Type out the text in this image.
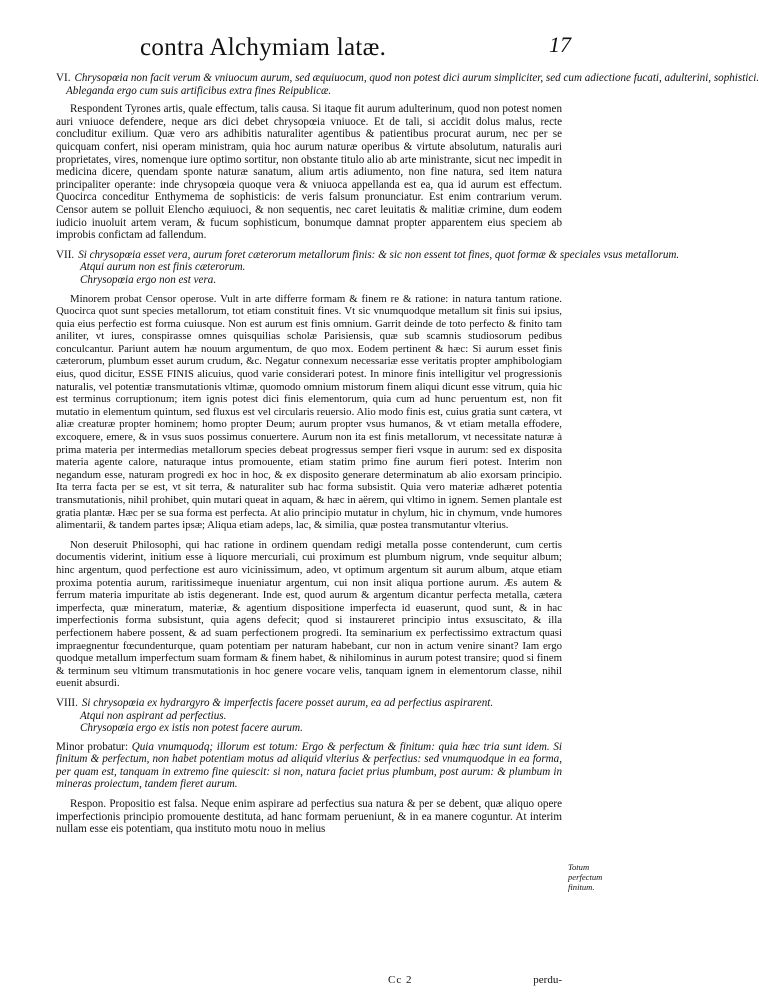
contra Alchymiam latæ.	17
VI. Chrysopœia non facit verum & vniuocum aurum, sed æquiuocum, quod non potest dici aurum simpliciter, sed cum adiectione fucati, adulterini, sophistici.
Ableganda ergo cum suis artificibus extra fines Reipublicæ.

Respondent Tyrones artis, quale effectum, talis causa. Si itaque fit aurum adulterinum, quod non potest nomen auri vniuoce defendere, neque ars dici debet chrysopœia vniuoce. Et de tali, si accidit dolus malus, recte concluditur exilium. Quæ vero ars adhibitis naturaliter agentibus & patientibus procurat aurum, nec per se quicquam confert, nisi operam ministram, quia hoc aurum naturæ operibus & virtute absolutum, naturalis auri proprietates, vires, nomenque iure optimo sortitur, non obstante titulo alio ab arte ministrante, sicut nec impedit in medicina dicere, quendam sponte naturæ sanatum, alium artis adiumento, non fine natura, sed item natura principaliter operante: inde chrysopœia quoque vera & vniuoca appellanda est ea, qua id aurum est effectum. Quocirca conceditur Enthymema de sophisticis: de veris falsum pronunciatur. Est enim contrarium verum. Censor autem se polluit Elencho æquiuoci, & non sequentis, nec caret leuitatis & malitiæ crimine, dum eodem iudicio inuoluit artem veram, & fucum sophisticum, bonumque damnat propter apparentem eius speciem ab improbis confictam ad fallendum.

VII. Si chrysopœia esset vera, aurum foret cæterorum metallorum finis: & sic non essent tot fines, quot formæ & speciales vsus metallorum.
Atqui aurum non est finis cæterorum.
Chrysopœia ergo non est vera.

Minorem probat Censor operose. Vult in arte differre formam & finem re & ratione: in natura tantum ratione. Quocirca quot sunt species metallorum, tot etiam constituit fines. Vt sic vnumquodque metallum sit finis sui ipsius, quia eius perfectio est forma cuiusque. Non est aurum est finis omnium. Garrit deinde de toto perfecto & finito tam aniliter, vt iures, conspirasse omnes quisquilias scholæ Parisiensis, quæ sub scamnis studiosorum pedibus conculcantur. Pariunt autem hæ nouum argumentum, de quo mox. Eodem pertinent & hæc: Si aurum esset finis cæterorum, plumbum esset aurum crudum, &c. Negatur connexum necessariæ esse veritatis propter amphibologiam eius, quod dicitur, ESSE FINIS alicuius, quod varie considerari potest. In minore finis intelligitur vel progressionis naturalis, vel potentiæ transmutationis vltimæ, quomodo omnium mistorum finem aliqui dicunt esse vitrum, quia hic est terminus corruptionum; item ignis potest dici finis elementorum, quia cum ad hunc peruentum est, non fit mutatio in elementum quintum, sed fluxus est vel circularis reuersio. Alio modo finis est, cuius gratia sunt cætera, vt aliæ creaturæ propter hominem; homo propter Deum; aurum propter vsus humanos, & vt etiam metalla effodere, excoquere, emere, & in vsus suos possimus conuertere. Aurum non ita est finis metallorum, vt necessitate naturæ à prima materia per intermedias metallorum species debeat progressus semper fieri vsque in aurum: sed ex disposita materia agente calore, naturaque intus promouente, etiam statim primo fine aurum fieri potest. Interim non negandum esse, naturam progredi ex hoc in hoc, & ex disposito generare determinatum ab alio exorsam principio. Ita terra facta per se est, vt sit terra, & naturaliter sub hac forma subsistit. Quia vero materiæ adhæret potentia transmutationis, nihil prohibet, quin mutari queat in aquam, & hæc in aërem, qui vltimo in ignem. Semen plantale est gratia plantæ. Hæc per se sua forma est perfecta. At alio principio mutatur in chylum, hic in chymum, vnde humores alimentarii, & tandem partes ipsæ; Aliqua etiam adeps, lac, & similia, quæ postea transmutantur vlterius.

Non deseruit Philosophi, qui hac ratione in ordinem quendam redigi metalla posse contenderunt, cum certis documentis viderint, initium esse à liquore mercuriali, cui proximum est plumbum nigrum, vnde sequitur album; hinc argentum, quod perfectione est auro vicinissimum, adeo, vt optimum argentum sit aurum album, atque etiam proxima potentia aurum, raritissimeque inueniatur argentum, cui non insit aliqua portione aurum. Æs autem & ferrum materia impuritate ab istis degenerant. Inde est, quod aurum & argentum dicantur perfecta metalla, cætera imperfecta, quæ mineratum, materiæ, & agentium dispositione imperfecta id euaserunt, quod sunt, & in hac imperfectionis forma subsistunt, quia agens defecit; quod si instaureret principio intus exsuscitato, & illa perfectionem habere possent, & ad suam perfectionem progredi. Ita seminarium ex perfectissimo extractum quasi impraegnentur fœcundenturque, quam potentiam per naturam habebant, cur non in actum venire sinant? Iam ergo quodque metallum imperfectum suam formam & finem habet, & nihilominus in aurum potest transire; quod si finem & terminum seu vltimum transmutationis in hoc genere vocare velis, tanquam ignem in elementorum classe, nihil euenit absurdi.

VIII. Si chrysopœia ex hydrargyro & imperfectis facere posset aurum, ea ad perfectius aspirarent.
Atqui non aspirant ad perfectius.
Chrysopœia ergo ex istis non potest facere aurum.

Minor probatur: Quia vnumquodq; illorum est totum: Ergo & perfectum & finitum: quia hæc tria sunt idem. Si finitum & perfectum, non habet potentiam motus ad aliquid vlterius & perfectius: sed vnumquodque in ea forma, per quam est, tanquam in extremo fine quiescit: si non, natura faciet prius plumbum, post aurum: & plumbum in mineras proiectum, tandem fieret aurum.

Respon. Propositio est falsa. Neque enim aspirare ad perfectius sua natura & per se debent, quæ aliquo opere imperfectionis principio promouente destituta, ad hanc formam perueniunt, & in ea manere coguntur. At interim nullam esse eis potentiam, qua instituto motu nouo in melius

Totum perfectum finitum.
Cc 2	perdu-
